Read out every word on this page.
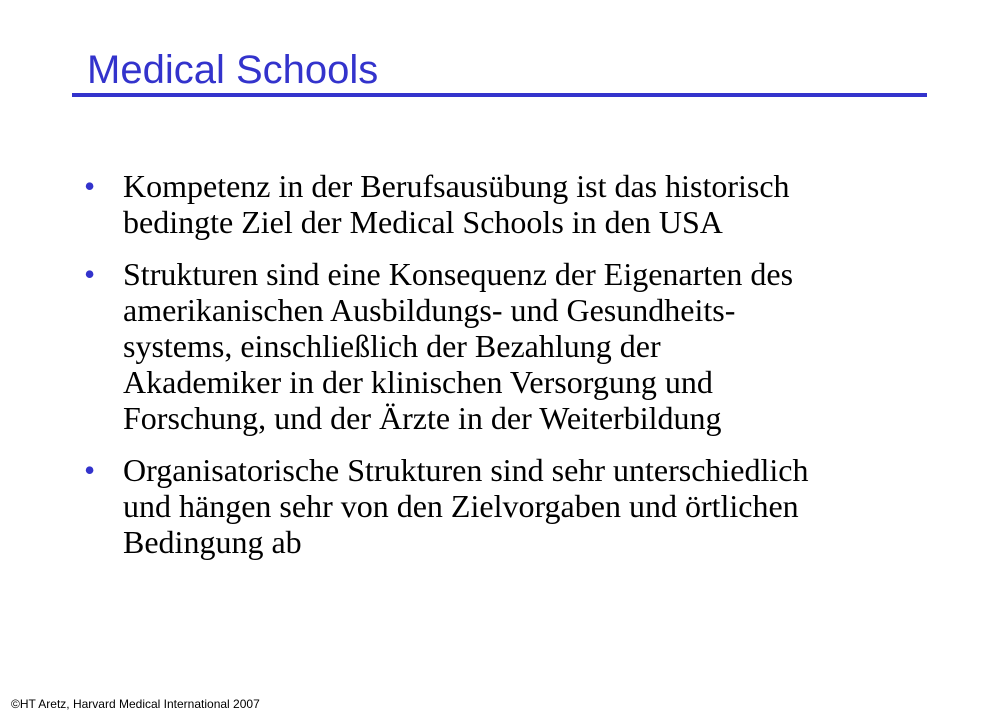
Medical Schools
• Kompetenz in der Berufsausübung ist das historisch
bedingte Ziel der Medical Schools in den USA
• Strukturen sind eine Konsequenz der Eigenarten des
amerikanischen Ausbildungs- und Gesundheits-
systems, einschließlich der Bezahlung der
Akademiker in der klinischen Versorgung und
Forschung, und der Ärzte in der Weiterbildung
• Organisatorische Strukturen sind sehr unterschiedlich
und hängen sehr von den Zielvorgaben und örtlichen
Bedingung ab
©HT Aretz, Harvard Medical International 2007
